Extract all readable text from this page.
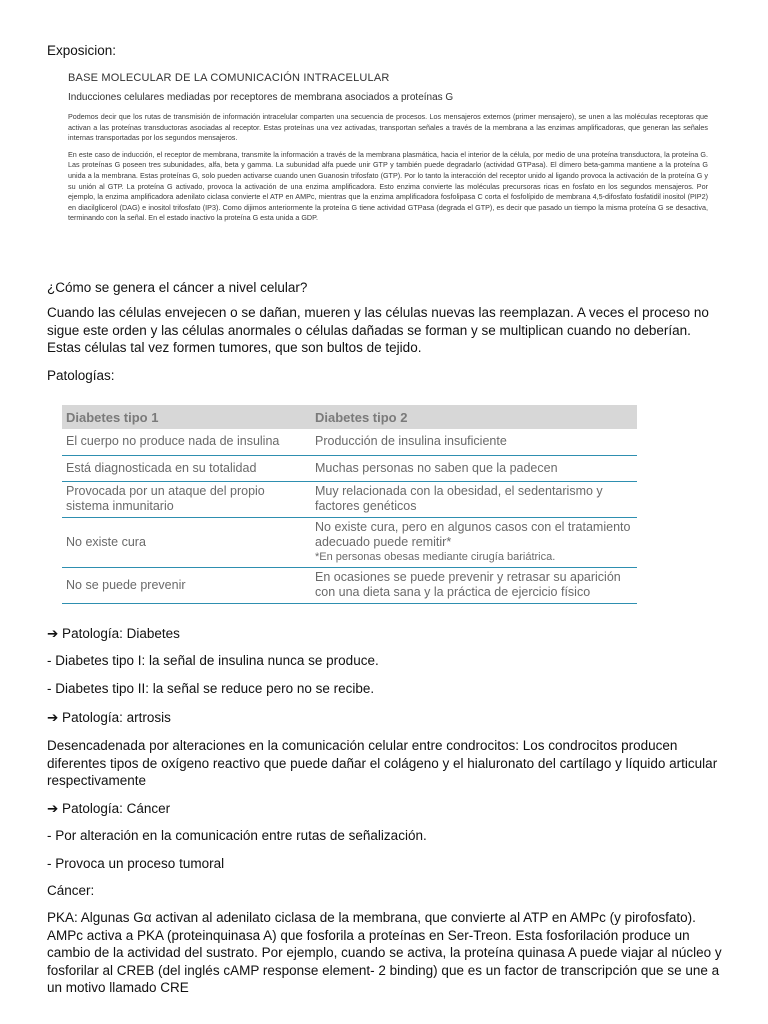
Exposicion:
BASE MOLECULAR DE LA COMUNICACIÓN INTRACELULAR
Inducciones celulares mediadas por receptores de membrana asociados a proteínas G
Podemos decir que los rutas de transmisión de información intracelular comparten una secuencia de procesos. Los mensajeros externos (primer mensajero), se unen a las moléculas receptoras que activan a las proteínas transductoras asociadas al receptor. Estas proteínas una vez activadas, transportan señales a través de la membrana a las enzimas amplificadoras, que generan las señales internas transportadas por los segundos mensajeros.
En este caso de inducción, el receptor de membrana, transmite la información a través de la membrana plasmática, hacia el interior de la célula, por medio de una proteína transductora, la proteína G. Las proteínas G poseen tres subunidades, alfa, beta y gamma. La subunidad alfa puede unir GTP y también puede degradarlo (actividad GTPasa). El dímero beta-gamma mantiene a la proteína G unida a la membrana. Estas proteínas G, solo pueden activarse cuando unen Guanosin trifosfato (GTP). Por lo tanto la interacción del receptor unido al ligando provoca la activación de la proteína G y su unión al GTP. La proteína G activado, provoca la activación de una enzima amplificadora. Esto enzima convierte las moléculas precursoras ricas en fosfato en los segundos mensajeros. Por ejemplo, la enzima amplificadora adenilato ciclasa convierte el ATP en AMPc, mientras que la enzima amplificadora fosfolipasa C corta el fosfolípido de membrana 4,5-difosfato fosfatidil inositol (PIP2) en diacilglicerol (DAG) e inositol trifosfato (IP3). Como dijimos anteriormente la proteína G tiene actividad GTPasa (degrada el GTP), es decir que pasado un tiempo la misma proteína G se desactiva, terminando con la señal. En el estado inactivo la proteína G esta unida a GDP.
¿Cómo se genera el cáncer a nivel celular?
Cuando las células envejecen o se dañan, mueren y las células nuevas las reemplazan. A veces el proceso no sigue este orden y las células anormales o células dañadas se forman y se multiplican cuando no deberían. Estas células tal vez formen tumores, que son bultos de tejido.
Patologías:
Diabetes tipo 1	Diabetes tipo 2
El cuerpo no produce nada de insulina	Producción de insulina insuficiente
Está diagnosticada en su totalidad	Muchas personas no saben que la padecen
Provocada por un ataque del propio sistema inmunitario	Muy relacionada con la obesidad, el sedentarismo y factores genéticos
No existe cura	No existe cura, pero en algunos casos con el tratamiento adecuado puede remitir*
*En personas obesas mediante cirugía bariátrica.

No se puede prevenir	En ocasiones se puede prevenir y retrasar su aparición con una dieta sana y la práctica de ejercicio físico
➔ Patología: Diabetes
- Diabetes tipo I: la señal de insulina nunca se produce.
- Diabetes tipo II: la señal se reduce pero no se recibe.
➔ Patología: artrosis
Desencadenada por alteraciones en la comunicación celular entre condrocitos: Los condrocitos producen diferentes tipos de oxígeno reactivo que puede dañar el colágeno y el hialuronato del cartílago y líquido articular respectivamente
➔ Patología: Cáncer
- Por alteración en la comunicación entre rutas de señalización.
- Provoca un proceso tumoral
Cáncer:
PKA: Algunas Gα activan al adenilato ciclasa de la membrana, que convierte al ATP en AMPc (y pirofosfato). AMPc activa a PKA (proteinquinasa A) que fosforila a proteínas en Ser-Treon. Esta fosforilación produce un cambio de la actividad del sustrato. Por ejemplo, cuando se activa, la proteína quinasa A puede viajar al núcleo y fosforilar al CREB (del inglés cAMP response element- 2 binding) que es un factor de transcripción que se une a un motivo llamado CRE
